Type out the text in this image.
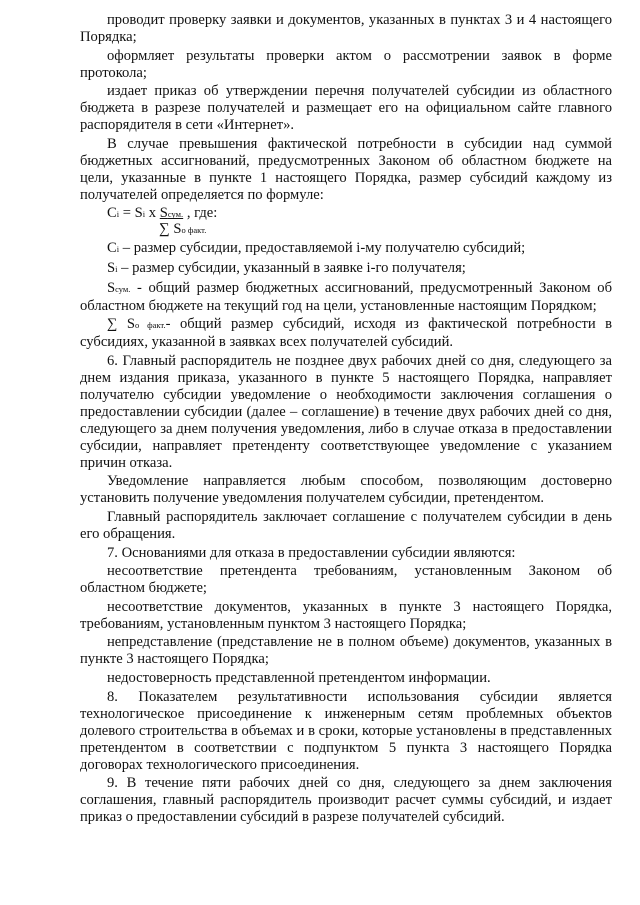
проводит проверку заявки и документов, указанных в пунктах 3 и 4 настоящего Порядка;

оформляет результаты проверки актом о рассмотрении заявок в форме протокола;

издает приказ об утверждении перечня получателей субсидии из областного бюджета в разрезе получателей и размещает его на официальном сайте главного распорядителя в сети «Интернет».

В случае превышения фактической потребности в субсидии над суммой бюджетных ассигнований, предусмотренных Законом об областном бюджете на цели, указанные в пункте 1 настоящего Порядка, размер субсидий каждому из получателей определяется по формуле:

Ci = Si x Sсум. , где:
∑ Sо факт.

Ci – размер субсидии, предоставляемой i-му получателю субсидий;

Si – размер субсидии, указанный в заявке i-го получателя;

Sсум. - общий размер бюджетных ассигнований, предусмотренный Законом об областном бюджете на текущий год на цели, установленные настоящим Порядком;

∑ Sо факт.- общий размер субсидий, исходя из фактической потребности в субсидиях, указанной в заявках всех получателей субсидий.

6. Главный распорядитель не позднее двух рабочих дней со дня, следующего за днем издания приказа, указанного в пункте 5 настоящего Порядка, направляет получателю субсидии уведомление о необходимости заключения соглашения о предоставлении субсидии (далее – соглашение) в течение двух рабочих дней со дня, следующего за днем получения уведомления, либо в случае отказа в предоставлении субсидии, направляет претенденту соответствующее уведомление с указанием причин отказа.

Уведомление направляется любым способом, позволяющим достоверно установить получение уведомления получателем субсидии, претендентом.

Главный распорядитель заключает соглашение с получателем субсидии в день его обращения.

7. Основаниями для отказа в предоставлении субсидии являются:

несоответствие претендента требованиям, установленным Законом об областном бюджете;

несоответствие документов, указанных в пункте 3 настоящего Порядка, требованиям, установленным пунктом 3 настоящего Порядка;

непредставление (представление не в полном объеме) документов, указанных в пункте 3 настоящего Порядка;

недостоверность представленной претендентом информации.

8. Показателем результативности использования субсидии является технологическое присоединение к инженерным сетям проблемных объектов долевого строительства в объемах и в сроки, которые установлены в представленных претендентом в соответствии с подпунктом 5 пункта 3 настоящего Порядка договорах технологического присоединения.

9. В течение пяти рабочих дней со дня, следующего за днем заключения соглашения, главный распорядитель производит расчет суммы субсидий, и издает приказ о предоставлении субсидий в разрезе получателей субсидий.
